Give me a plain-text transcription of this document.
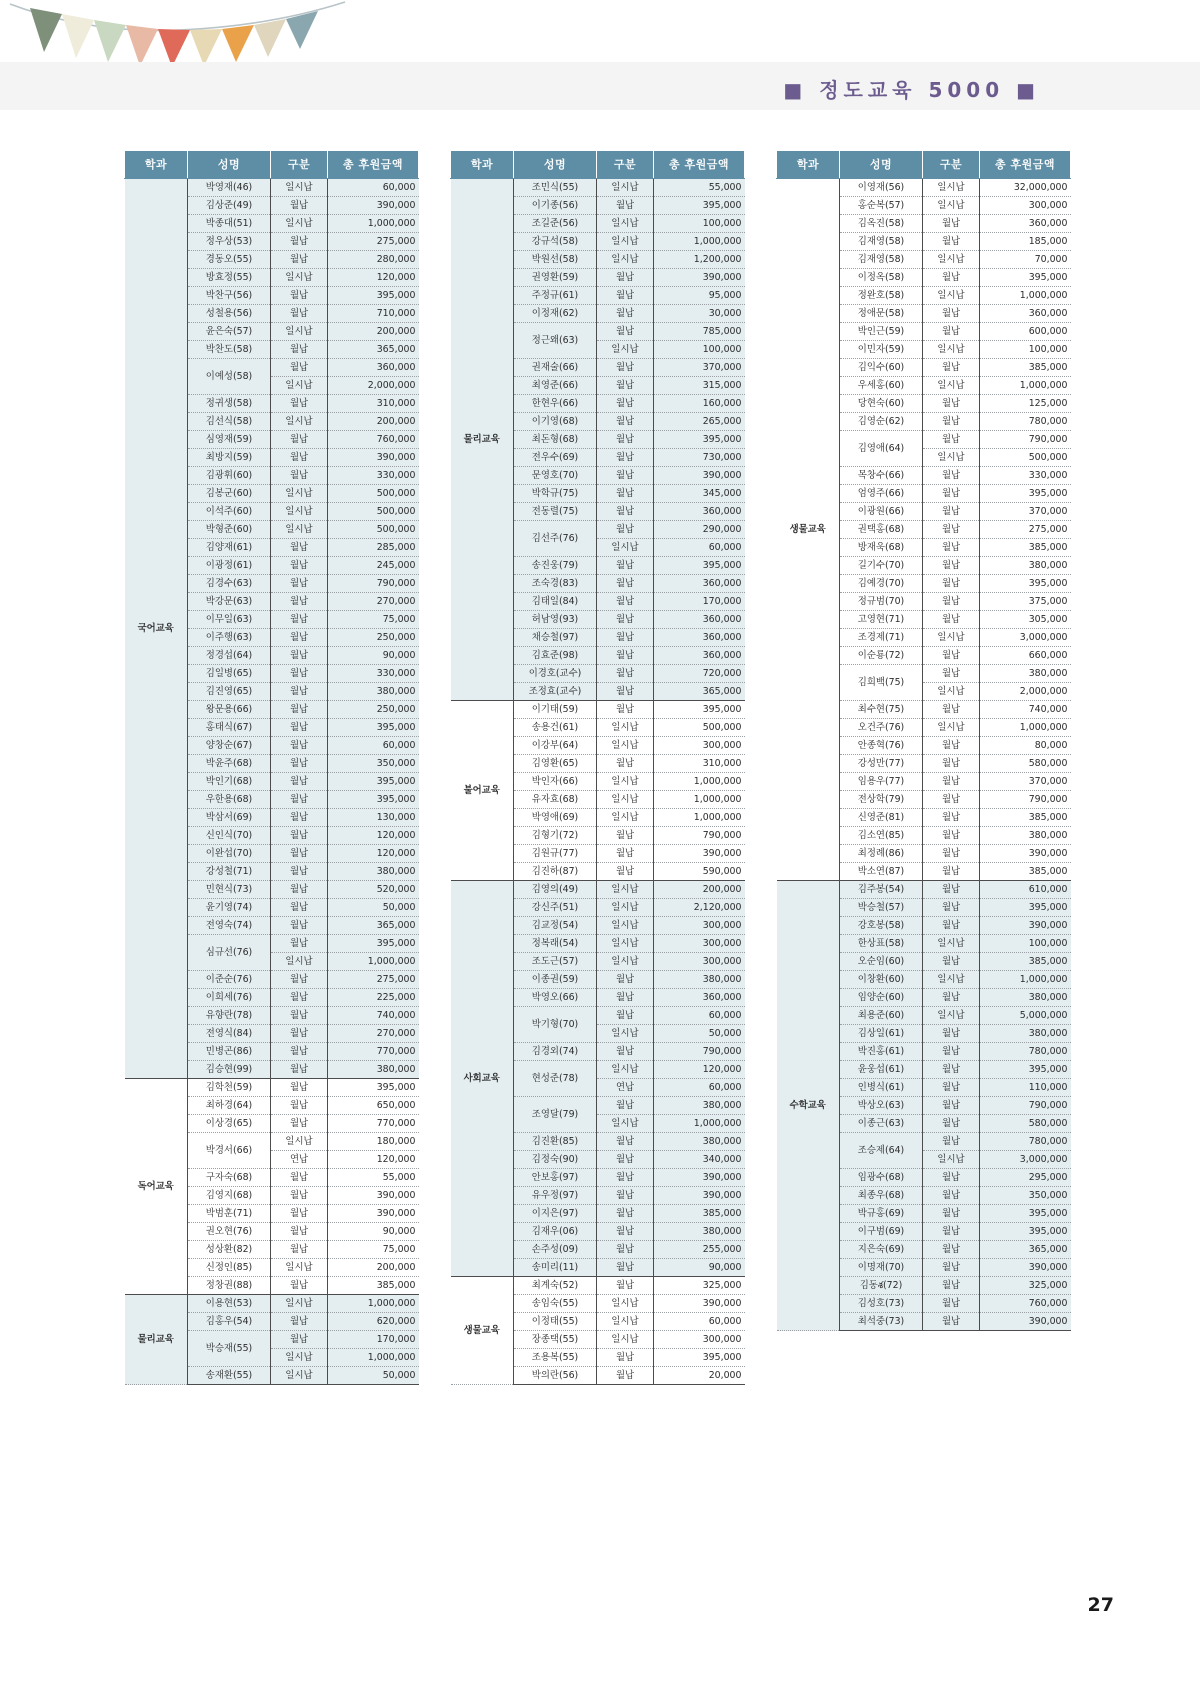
■ 정도교육 5000 ■
학과	성명	구분	총 후원금액
국어교육	박영재(46)	일시납	60,000
	김상준(49)	월납	390,000
	박종대(51)	일시납	1,000,000
	정우상(53)	월납	275,000
	경동오(55)	월납	280,000
	방효정(55)	일시납	120,000
	박찬구(56)	월납	395,000
	성철용(56)	월납	710,000
	윤은숙(57)	일시납	200,000
	박찬도(58)	월납	365,000
	이예성(58)	월납	360,000
		일시납	2,000,000
	정귀생(58)	월납	310,000
	김선식(58)	일시납	200,000
	심영재(59)	월납	760,000
	최방지(59)	월납	390,000
	김광휘(60)	월납	330,000
	김봉군(60)	일시납	500,000
	이석주(60)	일시납	500,000
	박형준(60)	일시납	500,000
	김양재(61)	월납	285,000
	이광정(61)	월납	245,000
	김경수(63)	월납	790,000
	박강문(63)	월납	270,000
	이무일(63)	월납	75,000
	이주행(63)	월납	250,000
	정경섭(64)	월납	90,000
	김일병(65)	월납	330,000
	김진영(65)	월납	380,000
	왕문용(66)	월납	250,000
	홍태식(67)	월납	395,000
	양창순(67)	월납	60,000
	박윤주(68)	월납	350,000
	박인기(68)	월납	395,000
	우한용(68)	월납	395,000
	박삼서(69)	월납	130,000
	신인식(70)	월납	120,000
	이완섭(70)	월납	120,000
	강성철(71)	월납	380,000
	민현식(73)	월납	520,000
	윤기영(74)	월납	50,000
	전영숙(74)	월납	365,000
	심규선(76)	월납	395,000
		일시납	1,000,000
	이준순(76)	월납	275,000
	이희세(76)	월납	225,000
	유향란(78)	월납	740,000
	전영식(84)	월납	270,000
	민병곤(86)	월납	770,000
	김승현(99)	월납	380,000
독어교육	김학천(59)	월납	395,000
	최하경(64)	월납	650,000
	이상경(65)	월납	770,000
	박경서(66)	일시납	180,000
		연납	120,000
	구자숙(68)	월납	55,000
	김영지(68)	월납	390,000
	박범훈(71)	월납	390,000
	권오현(76)	월납	90,000
	성상환(82)	월납	75,000
	신정인(85)	일시납	200,000
	정창권(88)	월납	385,000
물리교육	이용현(53)	일시납	1,000,000
	김홍우(54)	월납	620,000
	박승재(55)	월납	170,000
		일시납	1,000,000
	송재환(55)	일시납	50,000
학과	성명	구분	총 후원금액
물리교육	조민식(55)	일시납	55,000
	이기종(56)	월납	395,000
	조길준(56)	일시납	100,000
	강규석(58)	일시납	1,000,000
	박원선(58)	일시납	1,200,000
	권영환(59)	월납	390,000
	주정규(61)	월납	95,000
	이정재(62)	월납	30,000
	정근왜(63)	월납	785,000
		일시납	100,000
	권재술(66)	월납	370,000
	최영준(66)	월납	315,000
	한현우(66)	월납	160,000
	이기영(68)	월납	265,000
	최돈형(68)	월납	395,000
	전우수(69)	월납	730,000
	문영호(70)	월납	390,000
	박학규(75)	월납	345,000
	전동렬(75)	월납	360,000
	김선주(76)	월납	290,000
		일시납	60,000
	송진웅(79)	월납	395,000
	조숙경(83)	월납	360,000
	김태일(84)	월납	170,000
	허남영(93)	월납	360,000
	채승철(97)	월납	360,000
	김효준(98)	월납	360,000
	이경호(교수)	월납	720,000
	조정효(교수)	월납	365,000
불어교육	이기태(59)	월납	395,000
	송용건(61)	일시납	500,000
	이강부(64)	일시납	300,000
	김영환(65)	월납	310,000
	박인자(66)	일시납	1,000,000
	유자효(68)	일시납	1,000,000
	박영애(69)	일시납	1,000,000
	김형기(72)	월납	790,000
	김원규(77)	월납	390,000
	김진하(87)	월납	590,000
사회교육	김영의(49)	일시납	200,000
	강신주(51)	일시납	2,120,000
	김교정(54)	일시납	300,000
	정복래(54)	일시납	300,000
	조도근(57)	일시납	300,000
	이종권(59)	월납	380,000
	박영오(66)	월납	360,000
	박기형(70)	월납	60,000
		일시납	50,000
	김경외(74)	월납	790,000
	현성준(78)	일시납	120,000
		연납	60,000
	조영달(79)	월납	380,000
		일시납	1,000,000
	김진환(85)	월납	380,000
	김정숙(90)	월납	340,000
	안보홍(97)	월납	390,000
	유우정(97)	월납	390,000
	이지은(97)	월납	385,000
	김재우(06)	월납	380,000
	손주성(09)	월납	255,000
	송미리(11)	월납	90,000
생물교육	최계숙(52)	월납	325,000
	송임숙(55)	일시납	390,000
	이정태(55)	일시납	60,000
	장종택(55)	일시납	300,000
	조용복(55)	월납	395,000
	박의란(56)	월납	20,000
학과	성명	구분	총 후원금액
생물교육	이영재(56)	일시납	32,000,000
	홍순복(57)	일시납	300,000
	김옥진(58)	월납	360,000
	김재영(58)	월납	185,000
	김재영(58)	일시납	70,000
	이정옥(58)	월납	395,000
	정완호(58)	일시납	1,000,000
	정애문(58)	월납	360,000
	박인근(59)	월납	600,000
	이민자(59)	일시납	100,000
	김익수(60)	월납	385,000
	우세홍(60)	일시납	1,000,000
	당현숙(60)	월납	125,000
	김영순(62)	월납	780,000
	김영애(64)	월납	790,000
		일시납	500,000
	목창수(66)	월납	330,000
	엄영주(66)	월납	395,000
	이광원(66)	월납	370,000
	권택홍(68)	월납	275,000
	방재욱(68)	월납	385,000
	길기수(70)	월납	380,000
	김예경(70)	월납	395,000
	정규범(70)	월납	375,000
	고영현(71)	월납	305,000
	조경제(71)	일시납	3,000,000
	이순룡(72)	월납	660,000
	김희백(75)	월납	380,000
		일시납	2,000,000
	최수현(75)	월납	740,000
	오건주(76)	일시납	1,000,000
	안종혁(76)	월납	80,000
	강성만(77)	월납	580,000
	임용우(77)	월납	370,000
	전상학(79)	월납	790,000
	신영준(81)	월납	385,000
	김소연(85)	월납	380,000
	최정례(86)	월납	390,000
	박소연(87)	월납	385,000
수학교육	김주봉(54)	월납	610,000
	박승철(57)	월납	395,000
	강호봉(58)	월납	390,000
	한상표(58)	일시납	100,000
	오순임(60)	월납	385,000
	이창환(60)	일시납	1,000,000
	임양순(60)	월납	380,000
	최용준(60)	일시납	5,000,000
	김상일(61)	월납	380,000
	박진홍(61)	월납	780,000
	윤웅섭(61)	월납	395,000
	인병식(61)	월납	110,000
	박상오(63)	월납	790,000
	이종근(63)	월납	580,000
	조승제(64)	월납	780,000
		일시납	3,000,000
	임광수(68)	월납	295,000
	최종우(68)	월납	350,000
	박규홍(69)	월납	395,000
	이구범(69)	월납	395,000
	지은숙(69)	월납	365,000
	이명재(70)	월납	390,000
	김동శ(72)	월납	325,000
	김성호(73)	월납	760,000
	최석중(73)	월납	390,000
27
